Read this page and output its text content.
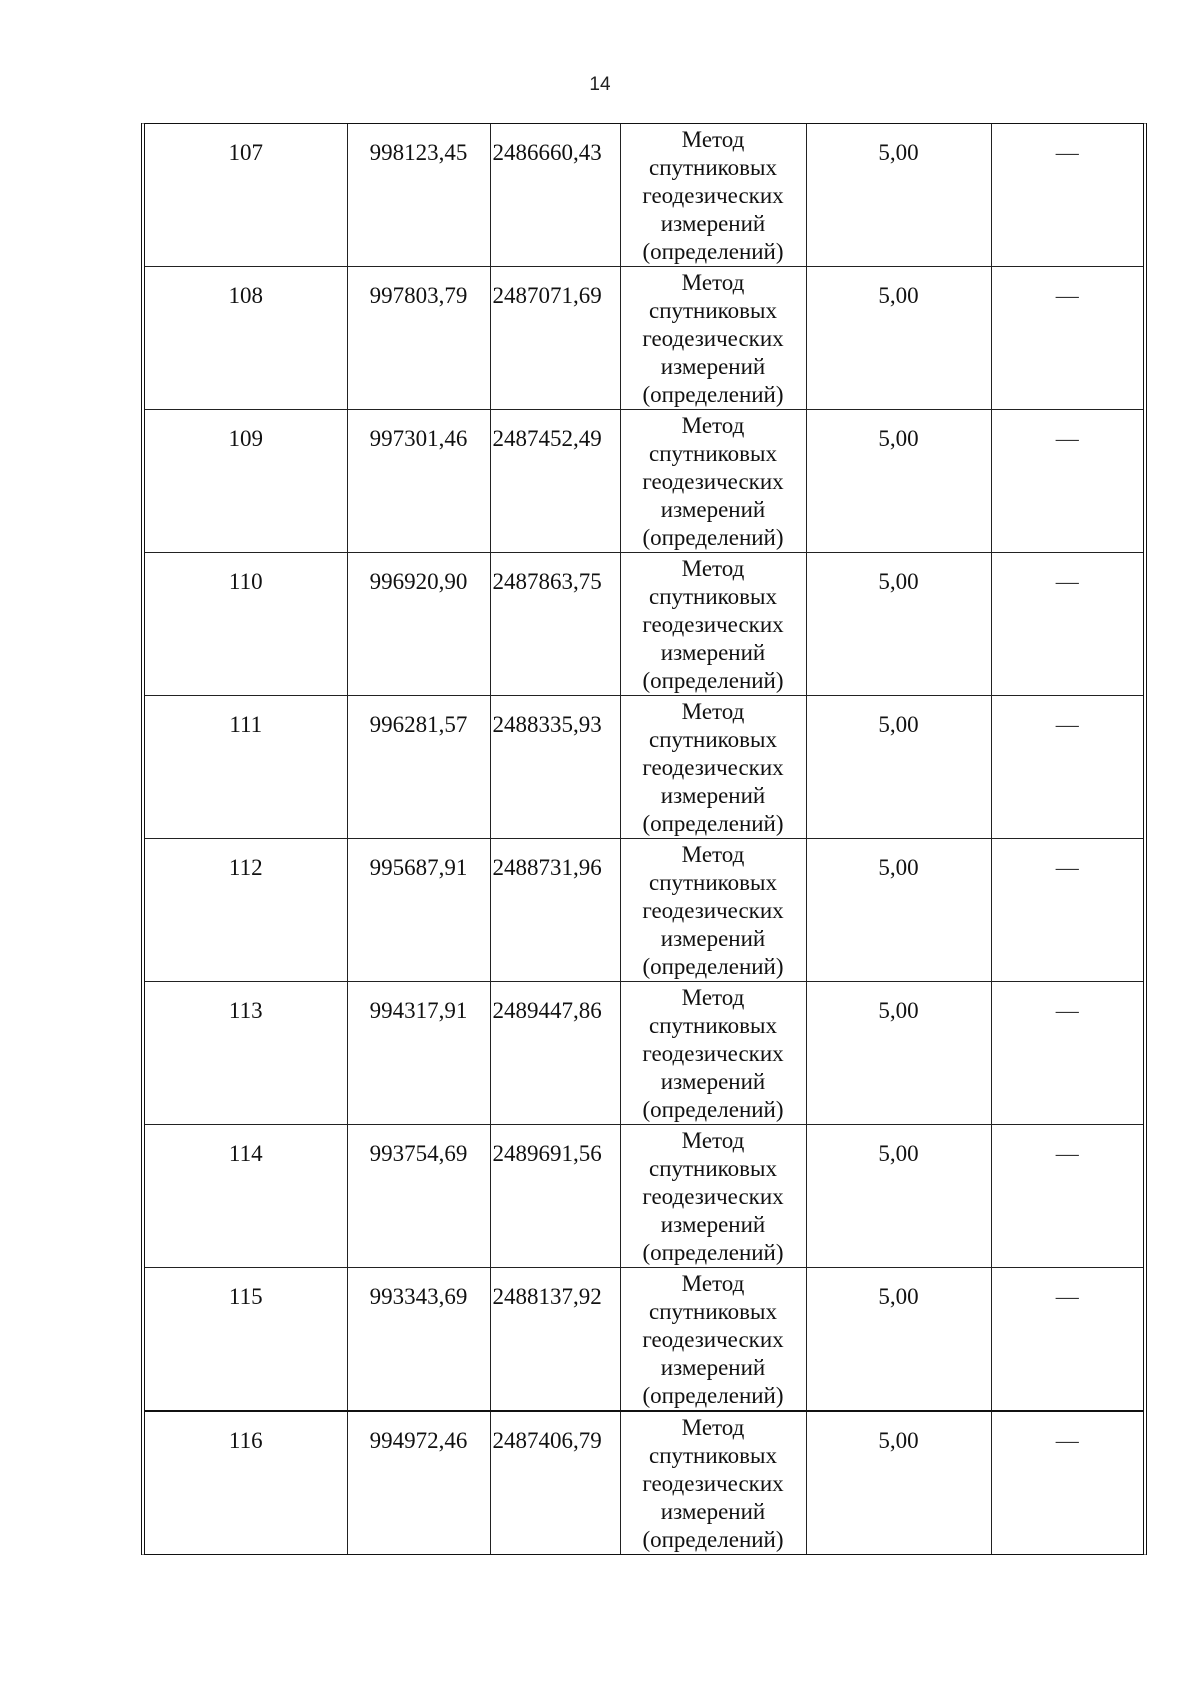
14
107	998123,45	2486660,43	Метод
спутниковых
геодезических
измерений
(определений)	5,00	—
108	997803,79	2487071,69	Метод
спутниковых
геодезических
измерений
(определений)	5,00	—
109	997301,46	2487452,49	Метод
спутниковых
геодезических
измерений
(определений)	5,00	—
110	996920,90	2487863,75	Метод
спутниковых
геодезических
измерений
(определений)	5,00	—
111	996281,57	2488335,93	Метод
спутниковых
геодезических
измерений
(определений)	5,00	—
112	995687,91	2488731,96	Метод
спутниковых
геодезических
измерений
(определений)	5,00	—
113	994317,91	2489447,86	Метод
спутниковых
геодезических
измерений
(определений)	5,00	—
114	993754,69	2489691,56	Метод
спутниковых
геодезических
измерений
(определений)	5,00	—
115	993343,69	2488137,92	Метод
спутниковых
геодезических
измерений
(определений)	5,00	—
116	994972,46	2487406,79	Метод
спутниковых
геодезических
измерений
(определений)	5,00	—
